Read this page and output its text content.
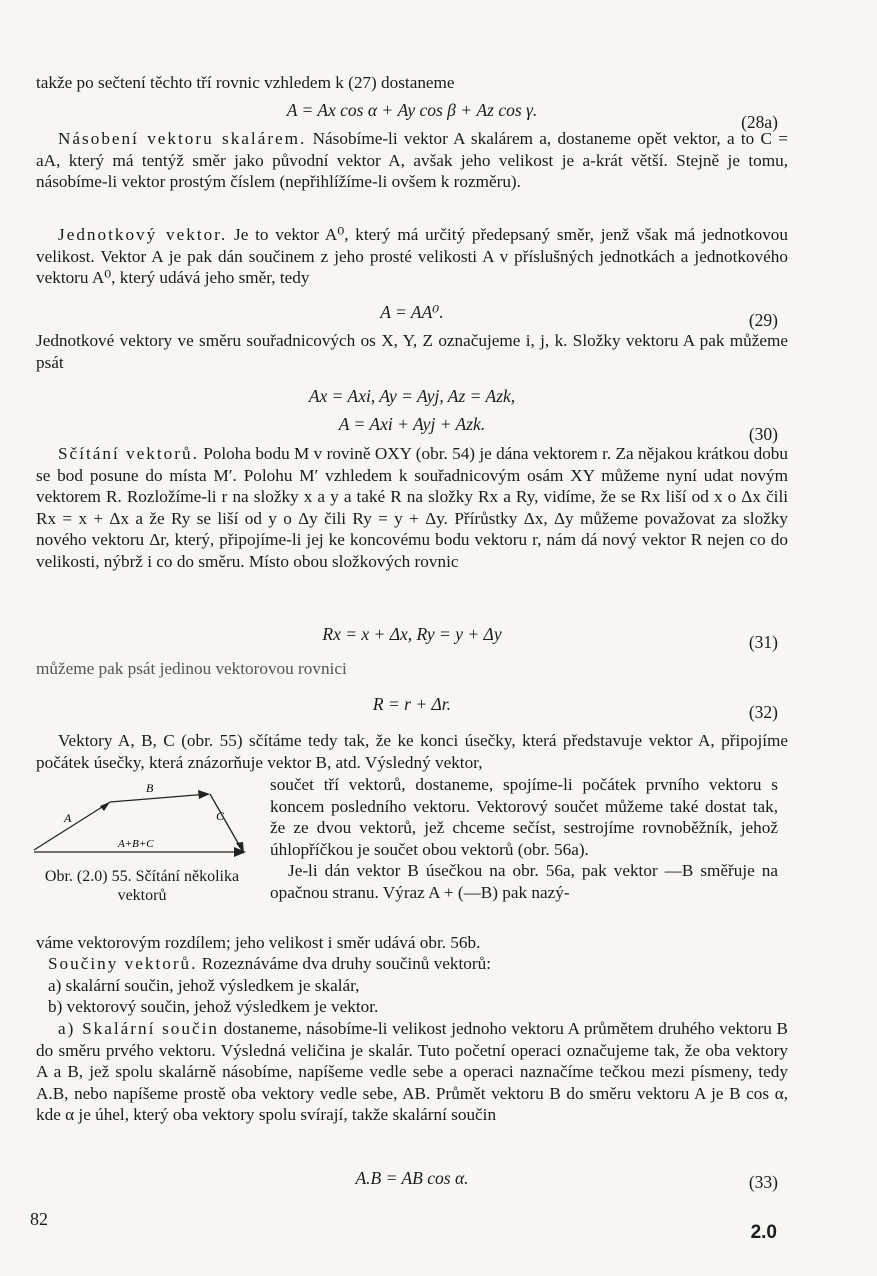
takže po sečtení těchto tří rovnic vzhledem k (27) dostaneme

A = Ax cos α + Ay cos β + Az cos γ.
(28a)

Násobení vektoru skalárem. Násobíme-li vektor A skalárem a, dostaneme opět vektor, a to C = aA, který má tentýž směr jako původní vektor A, avšak jeho velikost je a-krát větší. Stejně je tomu, násobíme-li vektor prostým číslem (nepřihlížíme-li ovšem k rozměru).

Jednotkový vektor. Je to vektor A⁰, který má určitý předepsaný směr, jenž však má jednotkovou velikost. Vektor A je pak dán součinem z jeho prosté velikosti A v příslušných jednotkách a jednotkového vektoru A⁰, který udává jeho směr, tedy

A = AA⁰.	(29)

Jednotkové vektory ve směru souřadnicových os X, Y, Z označujeme i, j, k. Složky vektoru A pak můžeme psát

Ax = Axi, Ay = Ayj, Az = Azk,
A = Axi + Ayj + Azk.	(30)

Sčítání vektorů. Poloha bodu M v rovině OXY (obr. 54) je dána vektorem r. Za nějakou krátkou dobu se bod posune do místa M′. Polohu M′ vzhledem k souřadnicovým osám XY můžeme nyní udat novým vektorem R. Rozložíme-li r na složky x a y a také R na složky Rx a Ry, vidíme, že se Rx liší od x o Δx čili Rx = x + Δx a že Ry se liší od y o Δy čili Ry = y + Δy. Přírůstky Δx, Δy můžeme považovat za složky nového vektoru Δr, který, připojíme-li jej ke koncovému bodu vektoru r, nám dá nový vektor R nejen co do velikosti, nýbrž i co do směru. Místo obou složkových rovnic

Rx = x + Δx, Ry = y + Δy	(31)

můžeme pak psát jedinou vektorovou rovnici

R = r + Δr.	(32)

Vektory A, B, C (obr. 55) sčítáme tedy tak, že ke konci úsečky, která představuje vektor A, připojíme počátek úsečky, která znázorňuje vektor B, atd. Výsledný vektor,

A
B
C
A+B+C
Obr. (2.0) 55. Sčítání několika vektorů

součet tří vektorů, dostaneme, spojíme-li počátek prvního vektoru s koncem posledního vektoru. Vektorový součet můžeme také dostat tak, že ze dvou vektorů, jež chceme sečíst, sestrojíme rovnoběžník, jehož úhlopříčkou je součet obou vektorů (obr. 56a).

Je-li dán vektor B úsečkou na obr. 56a, pak vektor —B směřuje na opačnou stranu. Výraz A + (—B) pak nazý-

váme vektorovým rozdílem; jeho velikost i směr udává obr. 56b.

Součiny vektorů. Rozeznáváme dva druhy součinů vektorů:

a) skalární součin, jehož výsledkem je skalár,

b) vektorový součin, jehož výsledkem je vektor.

a) Skalární součin dostaneme, násobíme-li velikost jednoho vektoru A průmětem druhého vektoru B do směru prvého vektoru. Výsledná veličina je skalár. Tuto početní operaci označujeme tak, že oba vektory A a B, jež spolu skalárně násobíme, napíšeme vedle sebe a operaci naznačíme tečkou mezi písmeny, tedy A.B, nebo napíšeme prostě oba vektory vedle sebe, AB. Průmět vektoru B do směru vektoru A je B cos α, kde α je úhel, který oba vektory spolu svírají, takže skalární součin

A.B = AB cos α.	(33)
82
2.0
